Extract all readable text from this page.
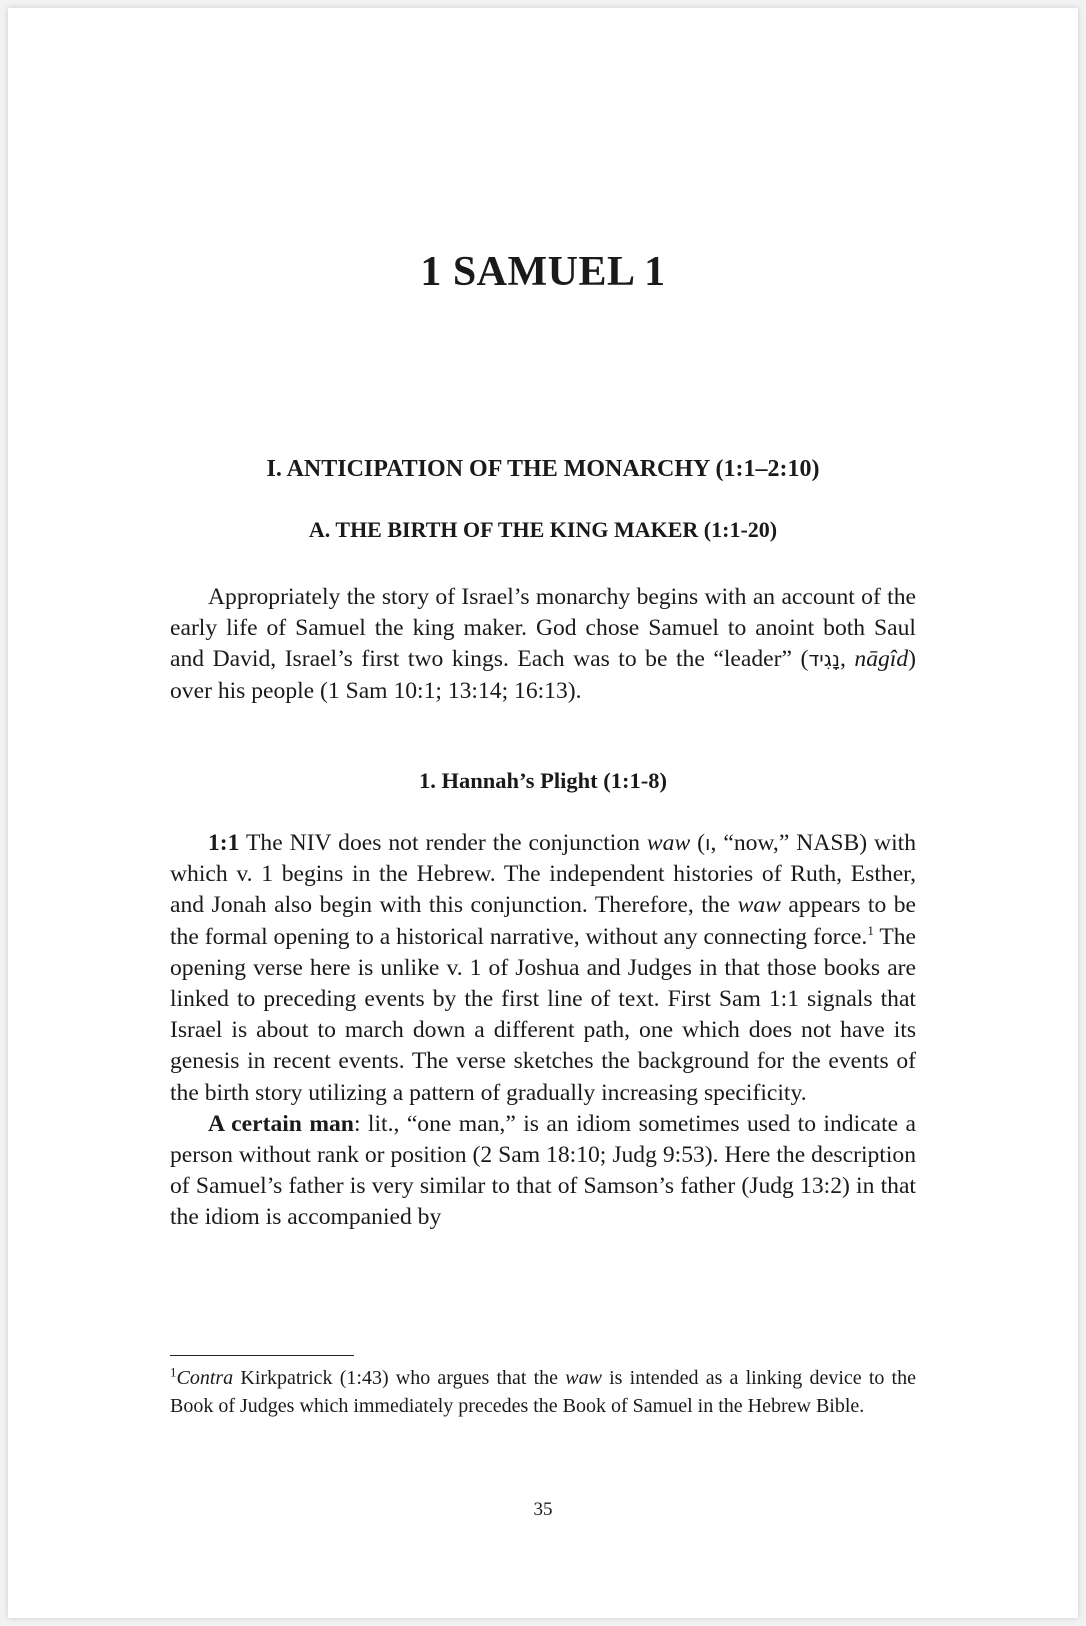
1 SAMUEL 1
I. ANTICIPATION OF THE MONARCHY (1:1–2:10)
A. THE BIRTH OF THE KING MAKER (1:1-20)

Appropriately the story of Israel’s monarchy begins with an account of the early life of Samuel the king maker. God chose Samuel to anoint both Saul and David, Israel’s first two kings. Each was to be the “leader” (נָגִיד, nāgîd) over his people (1 Sam 10:1; 13:14; 16:13).

1. Hannah’s Plight (1:1-8)

1:1 The NIV does not render the conjunction waw (ו, “now,” NASB) with which v. 1 begins in the Hebrew. The independent histories of Ruth, Esther, and Jonah also begin with this conjunction. Therefore, the waw appears to be the formal opening to a historical narrative, without any connecting force.$^1$ The opening verse here is unlike v. 1 of Joshua and Judges in that those books are linked to preceding events by the first line of text. First Sam 1:1 signals that Israel is about to march down a different path, one which does not have its genesis in recent events. The verse sketches the background for the events of the birth story utilizing a pattern of gradually increasing specificity.

A certain man: lit., “one man,” is an idiom sometimes used to indicate a person without rank or position (2 Sam 18:10; Judg 9:53). Here the description of Samuel’s father is very similar to that of Samson’s father (Judg 13:2) in that the idiom is accompanied by

$^1$Contra Kirkpatrick (1:43) who argues that the waw is intended as a linking device to the Book of Judges which immediately precedes the Book of Samuel in the Hebrew Bible.

35
